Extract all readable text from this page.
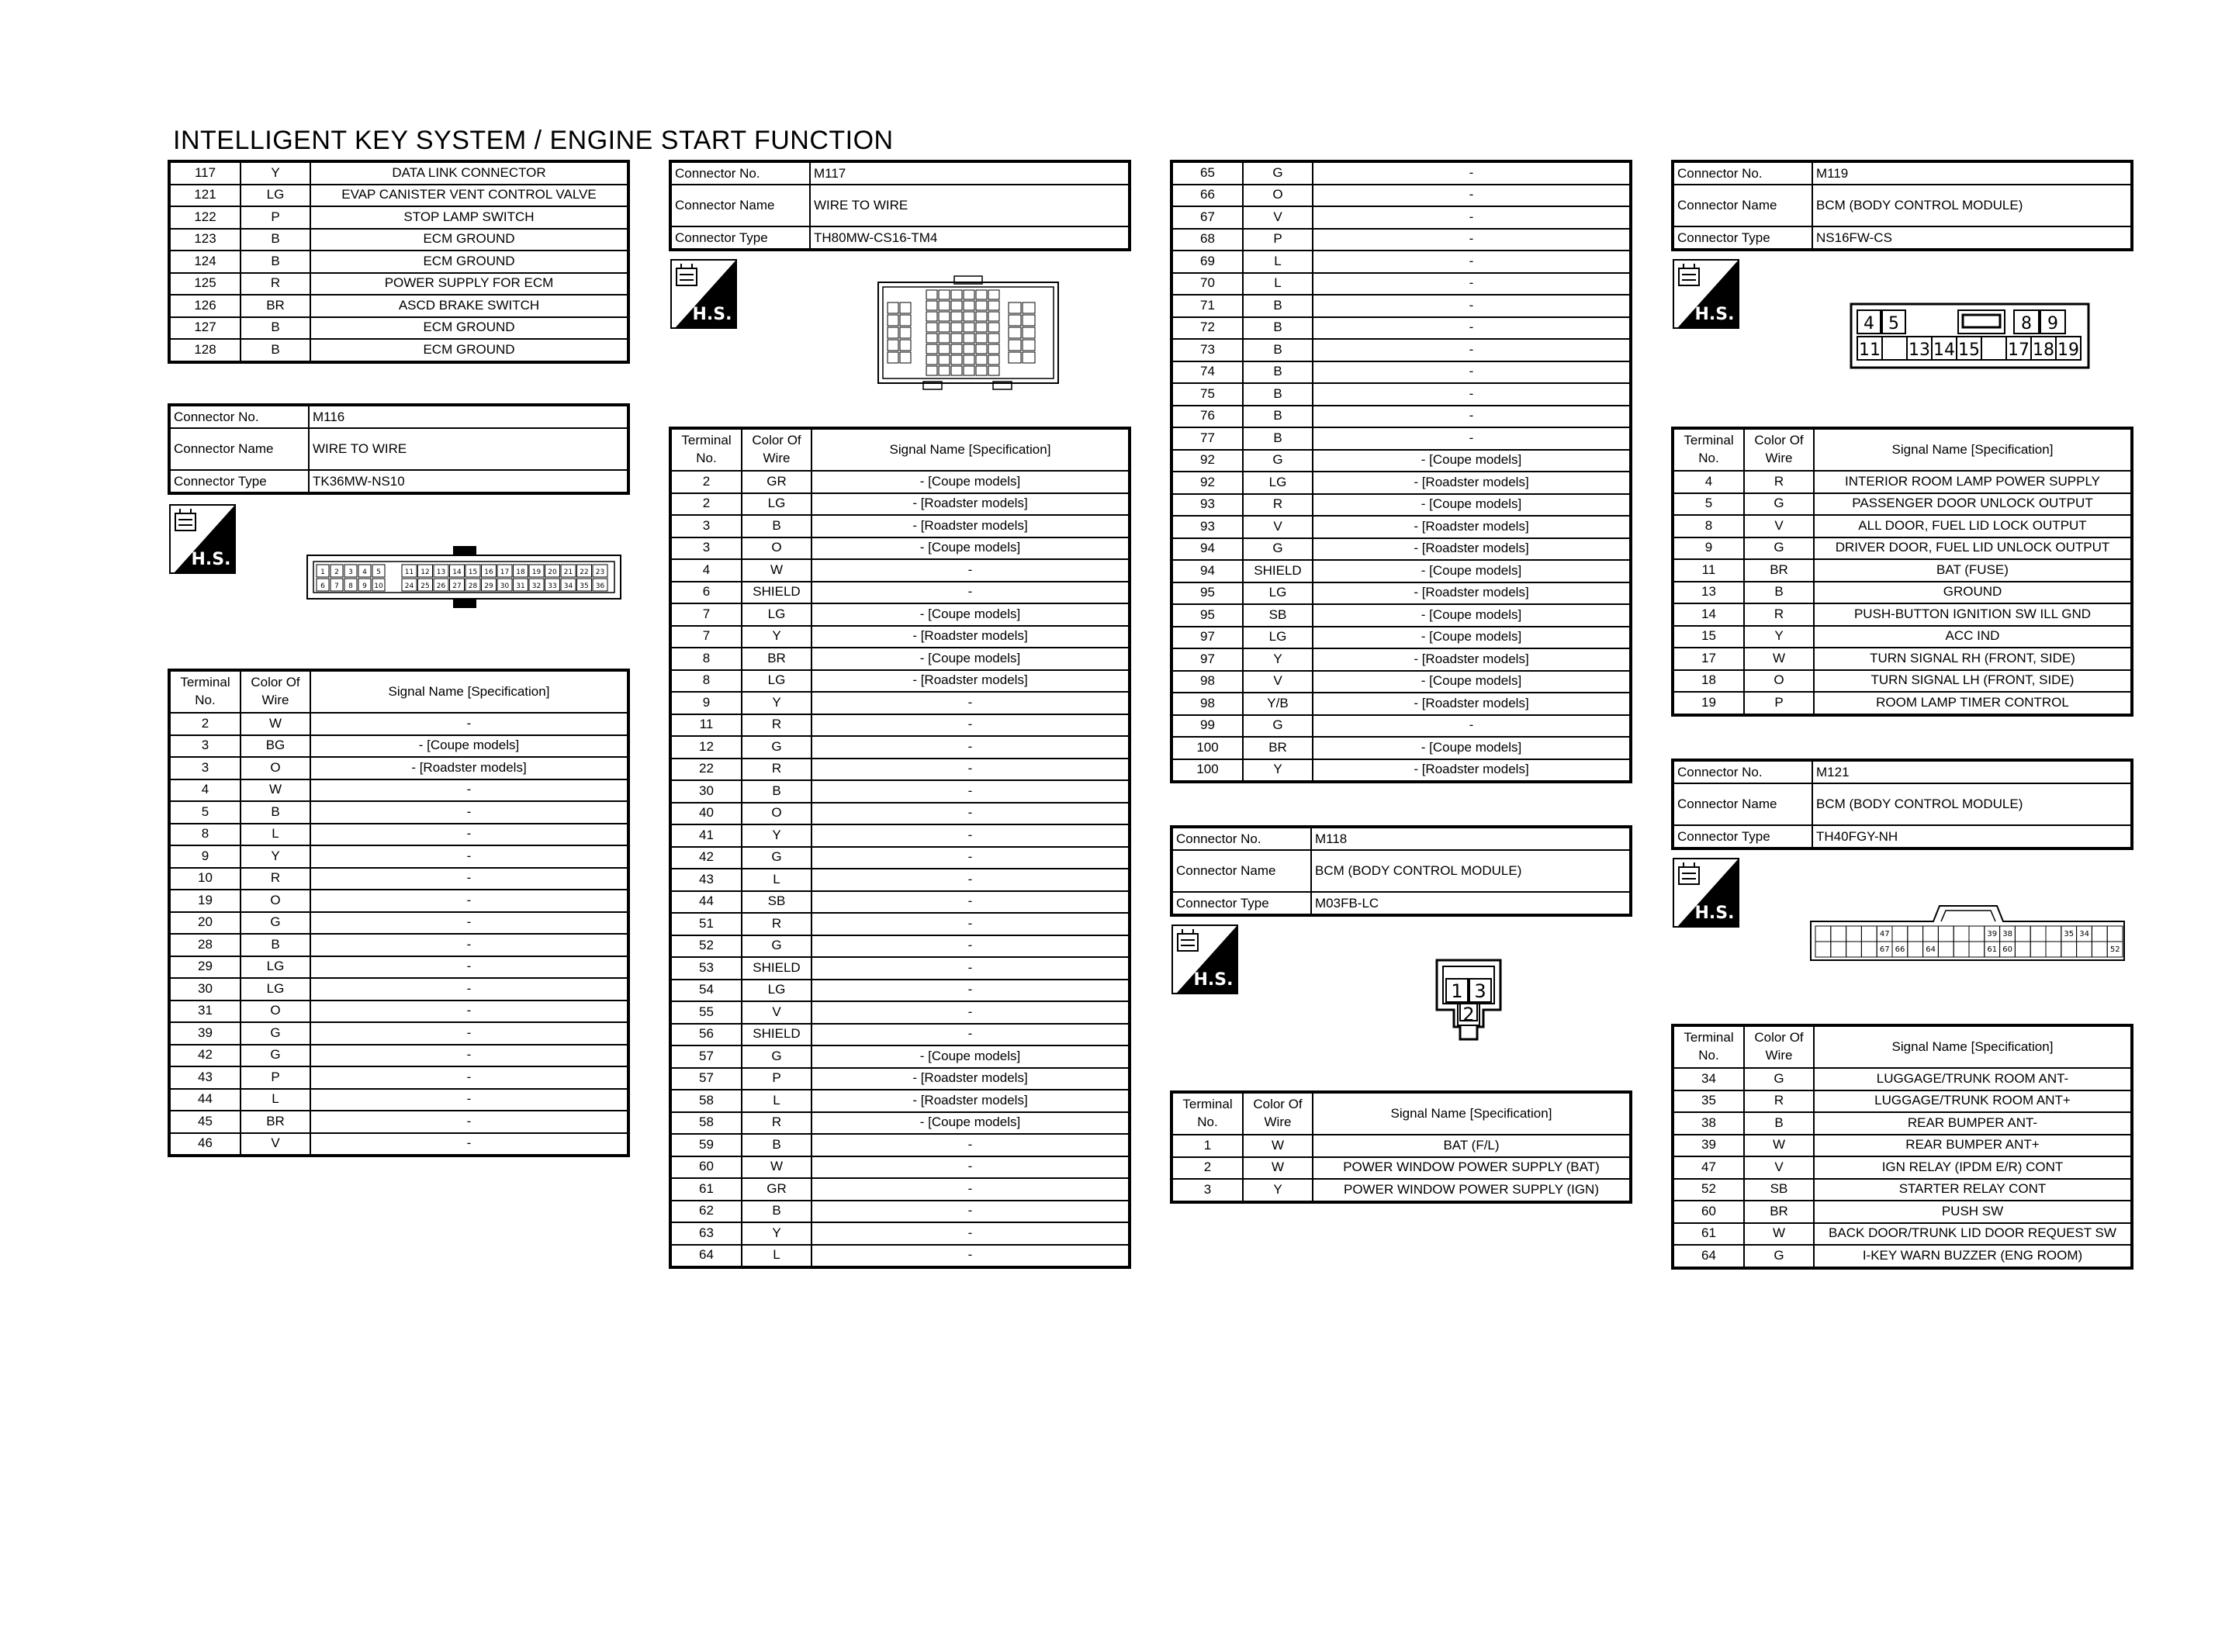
INTELLIGENT KEY SYSTEM / ENGINE START FUNCTION
117	Y	DATA LINK CONNECTOR
121	LG	EVAP CANISTER VENT CONTROL VALVE
122	P	STOP LAMP SWITCH
123	B	ECM GROUND
124	B	ECM GROUND
125	R	POWER SUPPLY FOR ECM
126	BR	ASCD BRAKE SWITCH
127	B	ECM GROUND
128	B	ECM GROUND
Connector No.	M116
Connector Name	WIRE TO WIRE
Connector Type	TK36MW-NS10
H.S.
1 2 3 4 5	11 12 13 14 15 16 17 18 19 20 21 22 23
6 7 8 9 10	24 25 26 27 28 29 30 31 32 33 34 35 36
Terminal No.	Color Of Wire	Signal Name [Specification]
2	W	-
3	BG	- [Coupe models]
3	O	- [Roadster models]
4	W	-
5	B	-
8	L	-
9	Y	-
10	R	-
19	O	-
20	G	-
28	B	-
29	LG	-
30	LG	-
31	O	-
39	G	-
42	G	-
43	P	-
44	L	-
45	BR	-
46	V	-
Connector No.	M117
Connector Name	WIRE TO WIRE
Connector Type	TH80MW-CS16-TM4
H.S.
Terminal No.	Color Of Wire	Signal Name [Specification]
2	GR	- [Coupe models]
2	LG	- [Roadster models]
3	B	- [Roadster models]
3	O	- [Coupe models]
4	W	-
6	SHIELD	-
7	LG	- [Coupe models]
7	Y	- [Roadster models]
8	BR	- [Coupe models]
8	LG	- [Roadster models]
9	Y	-
11	R	-
12	G	-
22	R	-
30	B	-
40	O	-
41	Y	-
42	G	-
43	L	-
44	SB	-
51	R	-
52	G	-
53	SHIELD	-
54	LG	-
55	V	-
56	SHIELD	-
57	G	- [Coupe models]
57	P	- [Roadster models]
58	L	- [Roadster models]
58	R	- [Coupe models]
59	B	-
60	W	-
61	GR	-
62	B	-
63	Y	-
64	L	-
65	G	-
66	O	-
67	V	-
68	P	-
69	L	-
70	L	-
71	B	-
72	B	-
73	B	-
74	B	-
75	B	-
76	B	-
77	B	-
92	G	- [Coupe models]
92	LG	- [Roadster models]
93	R	- [Coupe models]
93	V	- [Roadster models]
94	G	- [Roadster models]
94	SHIELD	- [Coupe models]
95	LG	- [Roadster models]
95	SB	- [Coupe models]
97	LG	- [Coupe models]
97	Y	- [Roadster models]
98	V	- [Coupe models]
98	Y/B	- [Roadster models]
99	G	-
100	BR	- [Coupe models]
100	Y	- [Roadster models]
Connector No.	M118
Connector Name	BCM (BODY CONTROL MODULE)
Connector Type	M03FB-LC
H.S.
1 3
2
Terminal No.	Color Of Wire	Signal Name [Specification]
1	W	BAT (F/L)
2	W	POWER WINDOW POWER SUPPLY (BAT)
3	Y	POWER WINDOW POWER SUPPLY (IGN)
Connector No.	M119
Connector Name	BCM (BODY CONTROL MODULE)
Connector Type	NS16FW-CS
H.S.	4 5	8 9
11 13 14 15 17 18 19
Terminal No.	Color Of Wire	Signal Name [Specification]
4	R	INTERIOR ROOM LAMP POWER SUPPLY
5	G	PASSENGER DOOR UNLOCK OUTPUT
8	V	ALL DOOR, FUEL LID LOCK OUTPUT
9	G	DRIVER DOOR, FUEL LID UNLOCK OUTPUT
11	BR	BAT (FUSE)
13	B	GROUND
14	R	PUSH-BUTTON IGNITION SW ILL GND
15	Y	ACC IND
17	W	TURN SIGNAL RH (FRONT, SIDE)
18	O	TURN SIGNAL LH (FRONT, SIDE)
19	P	ROOM LAMP TIMER CONTROL
Connector No.	M121
Connector Name	BCM (BODY CONTROL MODULE)
Connector Type	TH40FGY-NH
H.S.
47	39 38	35 34
67 66	64	61 60	52
Terminal No.	Color Of Wire	Signal Name [Specification]
34	G	LUGGAGE/TRUNK ROOM ANT-
35	R	LUGGAGE/TRUNK ROOM ANT+
38	B	REAR BUMPER ANT-
39	W	REAR BUMPER ANT+
47	V	IGN RELAY (IPDM E/R) CONT
52	SB	STARTER RELAY CONT
60	BR	PUSH SW
61	W	BACK DOOR/TRUNK LID DOOR REQUEST SW
64	G	I-KEY WARN BUZZER (ENG ROOM)
